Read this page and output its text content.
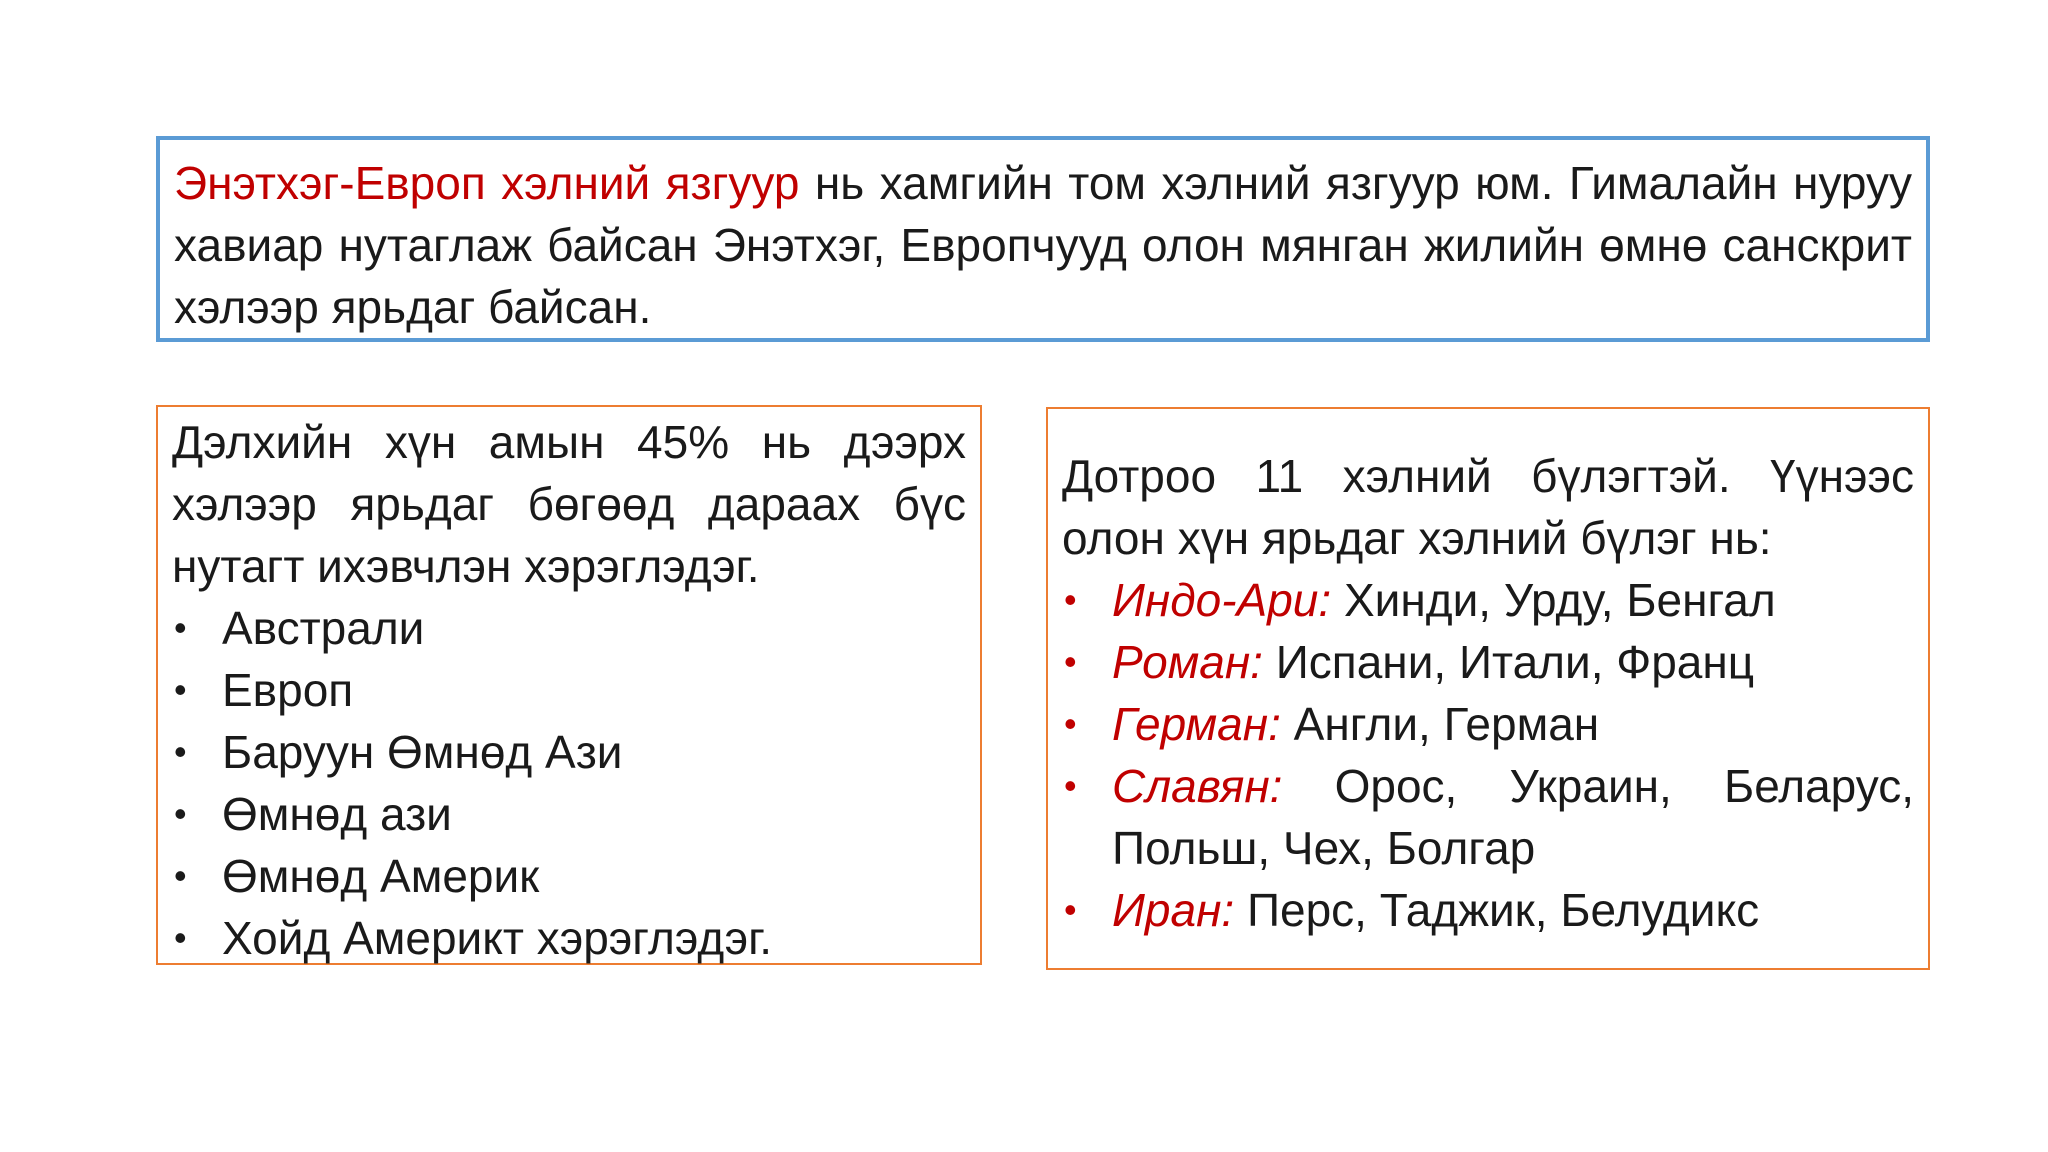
Энэтхэг-Европ хэлний язгуур нь хамгийн том хэлний язгуур юм. Гималайн нуруу хавиар нутаглаж байсан Энэтхэг, Европчууд олон мянган жилийн өмнө санскрит хэлээр ярьдаг байсан.

Дэлхийн хүн амын 45% нь дээрх хэлээр ярьдаг бөгөөд дараах бүс нутагт ихэвчлэн хэрэглэдэг.

• Австрали
• Европ
• Баруун Өмнөд Ази
• Өмнөд ази
• Өмнөд Америк
• Хойд Америкт хэрэглэдэг.

Дотроо 11 хэлний бүлэгтэй. Үүнээс олон хүн ярьдаг хэлний бүлэг нь:

• Индо-Ари: Хинди, Урду, Бенгал
• Роман: Испани, Итали, Франц
• Герман: Англи, Герман
• Славян: Орос, Украин, Беларус, Польш, Чех, Болгар
• Иран: Перс, Таджик, Белудикс
